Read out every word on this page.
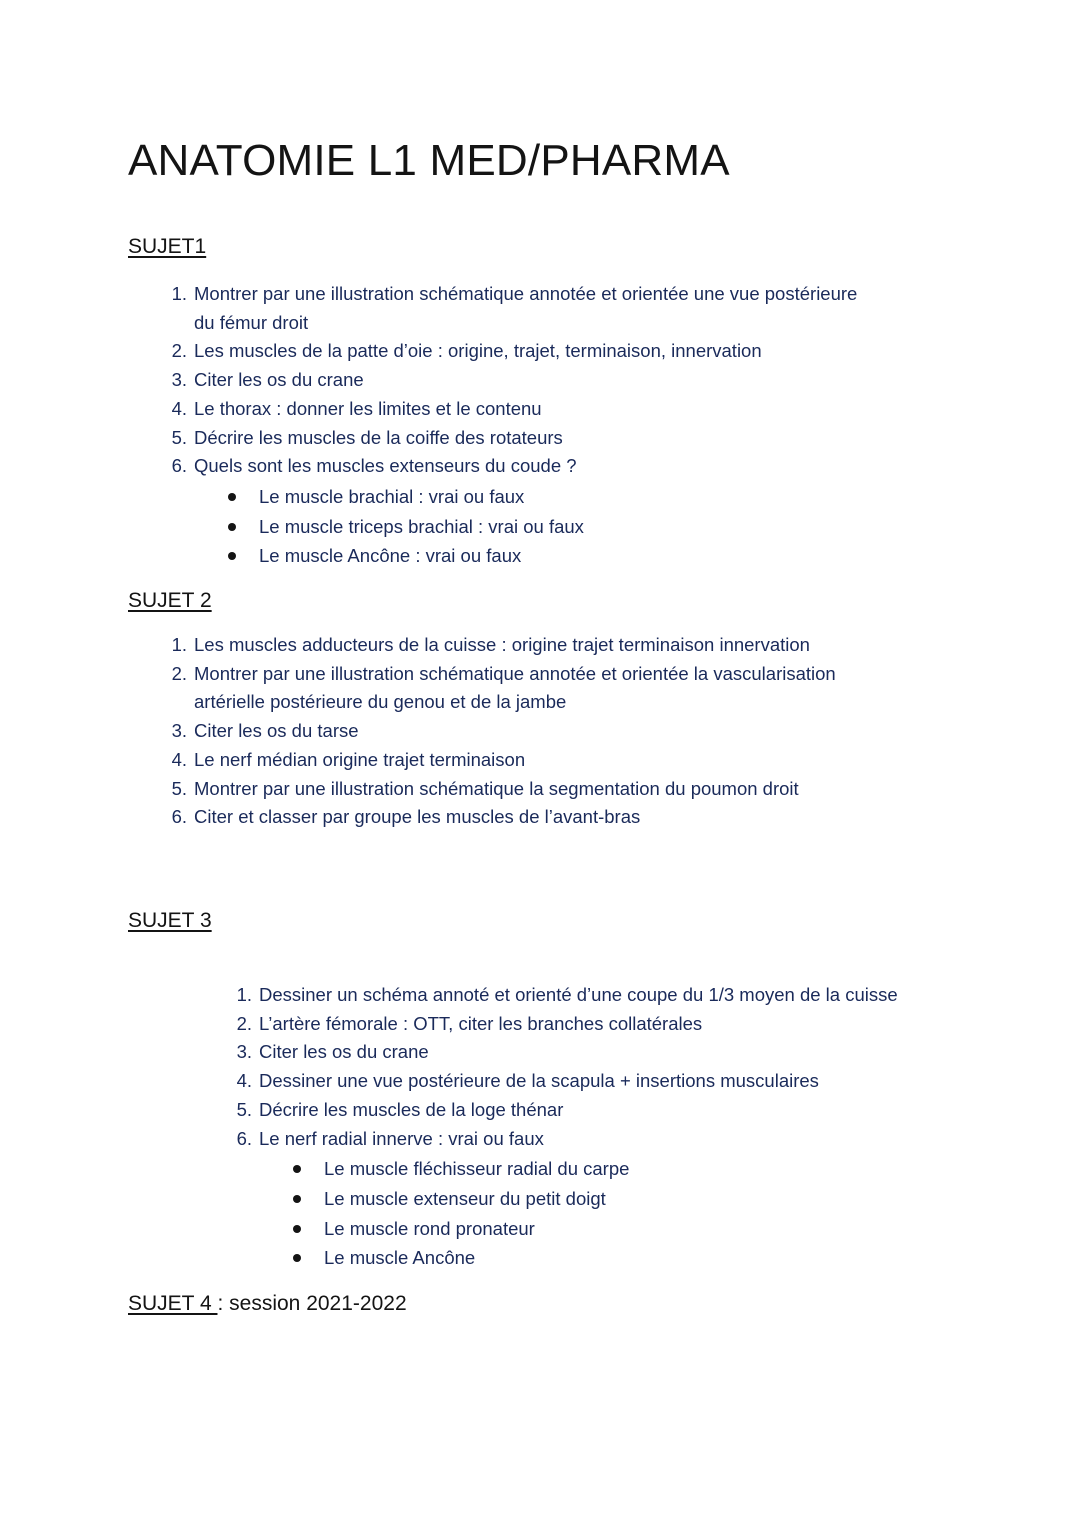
ANATOMIE L1 MED/PHARMA
SUJET1
1. Montrer par une illustration schématique annotée et orientée une vue postérieure
du fémur droit
2. Les muscles de la patte d’oie : origine, trajet, terminaison, innervation
3. Citer les os du crane
4. Le thorax : donner les limites et le contenu
5. Décrire les muscles de la coiffe des rotateurs
6. Quels sont les muscles extenseurs du coude ?
Le muscle brachial : vrai ou faux
Le muscle triceps brachial : vrai ou faux
Le muscle Ancône : vrai ou faux
SUJET 2
1. Les muscles adducteurs de la cuisse : origine trajet terminaison innervation
2. Montrer par une illustration schématique annotée et orientée la vascularisation
artérielle postérieure du genou et de la jambe
3. Citer les os du tarse
4. Le nerf médian origine trajet terminaison
5. Montrer par une illustration schématique la segmentation du poumon droit
6. Citer et classer par groupe les muscles de l’avant-bras
SUJET 3
1. Dessiner un schéma annoté et orienté d’une coupe du 1/3 moyen de la cuisse
2. L’artère fémorale : OTT, citer les branches collatérales
3. Citer les os du crane
4. Dessiner une vue postérieure de la scapula + insertions musculaires
5. Décrire les muscles de la loge thénar
6. Le nerf radial innerve : vrai ou faux
Le muscle fléchisseur radial du carpe
Le muscle extenseur du petit doigt
Le muscle rond pronateur
Le muscle Ancône
SUJET 4 : session 2021-2022
